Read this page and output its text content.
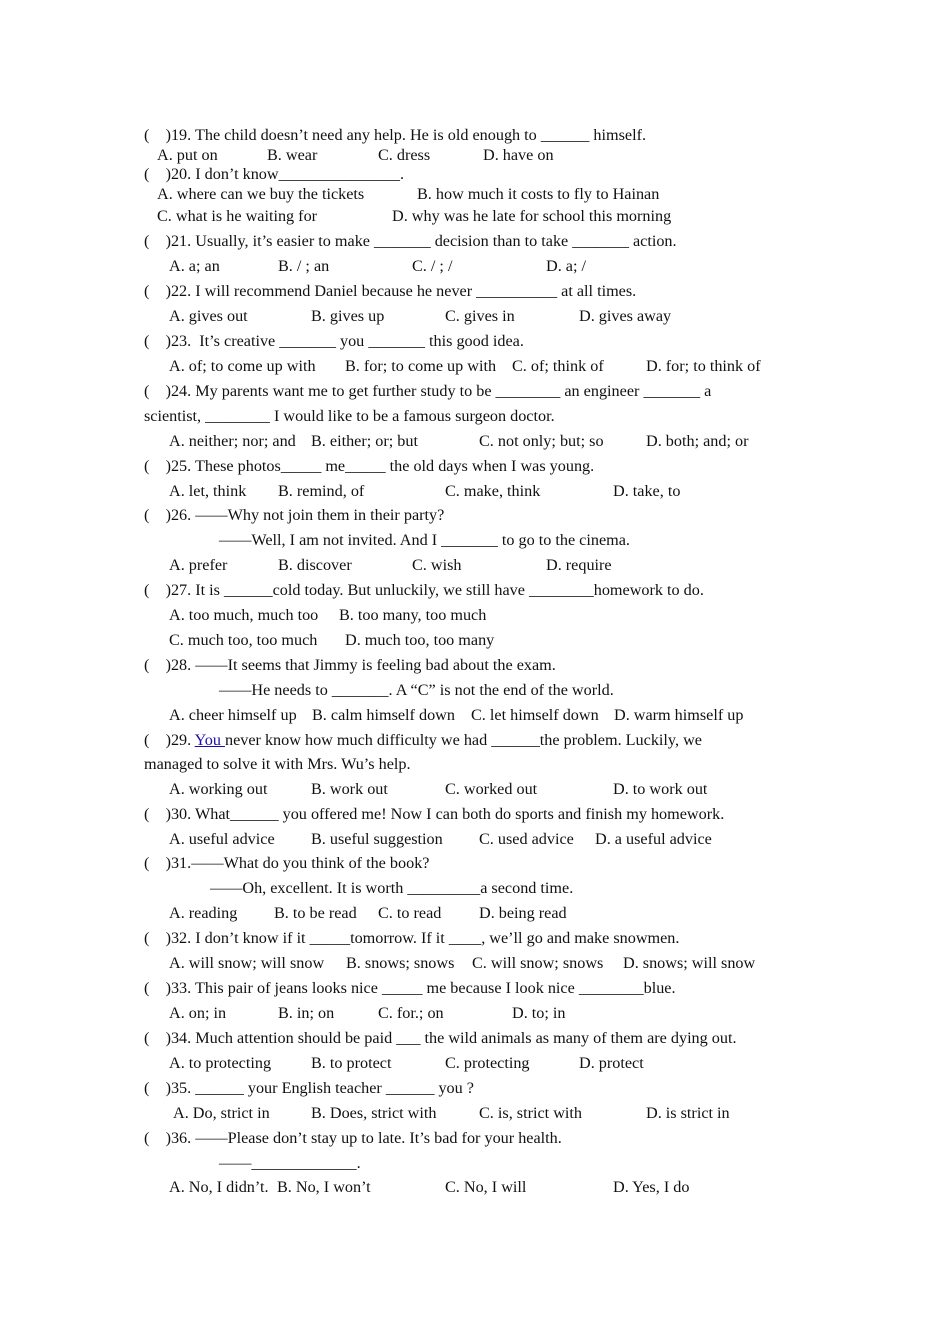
(    )19. The child doesn’t need any help. He is old enough to ______ himself.
A. put on	B. wear	C. dress	D. have on
(    )20. I don’t know_______________.
A. where can we buy the tickets	B. how much it costs to fly to Hainan
C. what is he waiting for	D. why was he late for school this morning
(    )21. Usually, it’s easier to make _______ decision than to take _______ action.
A. a; an	B. / ; an	C. / ; /	D. a; /
(    )22. I will recommend Daniel because he never __________ at all times.
A. gives out	B. gives up	C. gives in	D. gives away
(    )23.  It’s creative _______ you _______ this good idea.
A. of; to come up with B. for; to come up with C. of; think of	D. for; to think of
(    )24. My parents want me to get further study to be ________ an engineer _______ a
scientist, ________ I would like to be a famous surgeon doctor.
A. neither; nor; and B. either; or; but	C. not only; but; so	D. both; and; or
(    )25. These photos_____ me_____ the old days when I was young.
A. let, think B. remind, of	C. make, think	D. take, to
(    )26. ——Why not join them in their party?
——Well, I am not invited. And I _______ to go to the cinema.
A. prefer	B. discover	C. wish	D. require
(    )27. It is ______cold today. But unluckily, we still have ________homework to do.
A. too much, much too B. too many, too much
C. much too, too much D. much too, too many
(    )28. ——It seems that Jimmy is feeling bad about the exam.
——He needs to _______. A “C” is not the end of the world.
A. cheer himself up B. calm himself down C. let himself down D. warm himself up
(    )29. You never know how much difficulty we had ______the problem. Luckily, we
managed to solve it with Mrs. Wu’s help.
A. working out	B. work out	C. worked out	D. to work out
(    )30. What______ you offered me! Now I can both do sports and finish my homework.
A. useful advice B. useful suggestion C. used advice D. a useful advice
(    )31.——What do you think of the book?
——Oh, excellent. It is worth _________a second time.
A. reading B. to be read C. to read D. being read
(    )32. I don’t know if it _____tomorrow. If it ____, we’ll go and make snowmen.
A. will snow; will snow B. snows; snows C. will snow; snows D. snows; will snow
(    )33. This pair of jeans looks nice _____ me because I look nice ________blue.
A. on; in	B. in; on	C. for.; on	D. to; in
(    )34. Much attention should be paid ___ the wild animals as many of them are dying out.
A. to protecting B. to protect	C. protecting	D. protect
(    )35. ______ your English teacher ______ you ?
A. Do, strict in	B. Does, strict with	C. is, strict with	D. is strict in
(    )36. ——Please don’t stay up to late. It’s bad for your health.
——_____________.
A. No, I didn’t. B. No, I won’t	C. No, I will	D. Yes, I do
